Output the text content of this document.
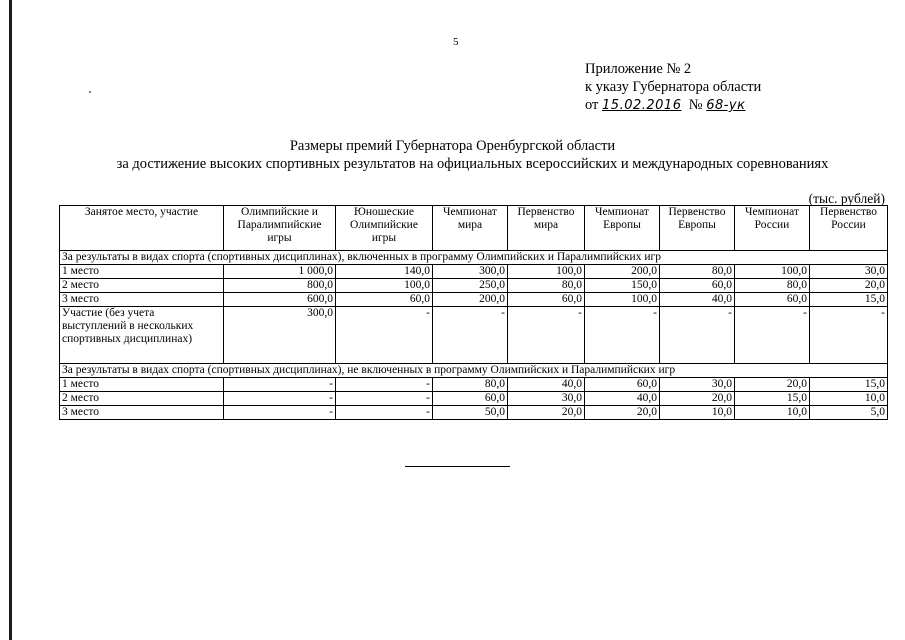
5
Приложение № 2
к указу Губернатора области
от 15.02.2016 № 68-ук
Размеры премий Губернатора Оренбургской области
за достижение высоких спортивных результатов на официальных всероссийских и международных соревнованиях
(тыс. рублей)
Занятое место, участие	Олимпийские и Паралимпийские игры	Юношеские Олимпийские игры	Чемпионат мира	Первенство мира	Чемпионат Европы	Первенство Европы	Чемпионат России	Первенство России
За результаты в видах спорта (спортивных дисциплинах), включенных в программу Олимпийских и Паралимпийских игр								
1 место	1 000,0	140,0	300,0	100,0	200,0	80,0	100,0	30,0
2 место	800,0	100,0	250,0	80,0	150,0	60,0	80,0	20,0
3 место	600,0	60,0	200,0	60,0	100,0	40,0	60,0	15,0
Участие (без учета выступлений в нескольких спортивных дисциплинах)	300,0	-	-	-	-	-	-	-
За результаты в видах спорта (спортивных дисциплинах), не включенных в программу Олимпийских и Паралимпийских игр								
1 место	-	-	80,0	40,0	60,0	30,0	20,0	15,0
2 место	-	-	60,0	30,0	40,0	20,0	15,0	10,0
3 место	-	-	50,0	20,0	20,0	10,0	10,0	5,0
